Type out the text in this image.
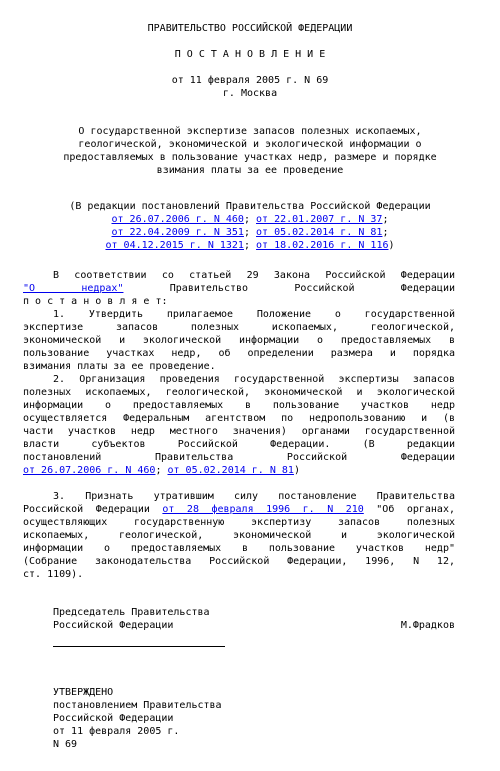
ПРАВИТЕЛЬСТВО РОССИЙСКОЙ ФЕДЕРАЦИИ
П О С Т А Н О В Л Е Н И Е
от 11 февраля 2005 г. N 69
г. Москва
О государственной экспертизе запасов полезных ископаемых,
геологической, экономической и экологической информации о
предоставляемых в пользование участках недр, размере и порядке
взимания платы за ее проведение
(В редакции постановлений Правительства Российской Федерации
от 26.07.2006 г. N 460; от 22.01.2007 г. N 37;
от 22.04.2009 г. N 351; от 05.02.2014 г. N 81;
от 04.12.2015 г. N 1321; от 18.02.2016 г. N 116)
В соответствии со статьей 29 Закона Российской Федерации
"О недрах"	Правительство Российской Федерации
п о с т а н о в л я е т:
1. Утвердить прилагаемое Положение о государственной
экспертизе запасов полезных ископаемых, геологической,
экономической и экологической информации о предоставляемых в
пользование участках недр, об определении размера и порядка
взимания платы за ее проведение.
2. Организация проведения государственной экспертизы запасов
полезных ископаемых, геологической, экономической и экологической
информации о предоставляемых в пользование участков недр
осуществляется Федеральным агентством по недропользованию и (в
части участков недр местного значения) органами государственной
власти субъектов Российской Федерации. (В редакции
постановлений Правительства Российской Федерации
от 26.07.2006 г. N 460; от 05.02.2014 г. N 81)
3. Признать утратившим силу постановление Правительства
Российской Федерации от 28 февраля 1996 г. N 210 "Об органах,
осуществляющих государственную экспертизу запасов полезных
ископаемых, геологической, экономической и экологической
информации о предоставляемых в пользование участков недр"
(Собрание законодательства Российской Федерации, 1996, N 12,
ст. 1109).
Председатель Правительства
Российской Федерации	М.Фрадков
УТВЕРЖДЕНО
постановлением Правительства
Российской Федерации
от 11 февраля 2005 г.
N 69
